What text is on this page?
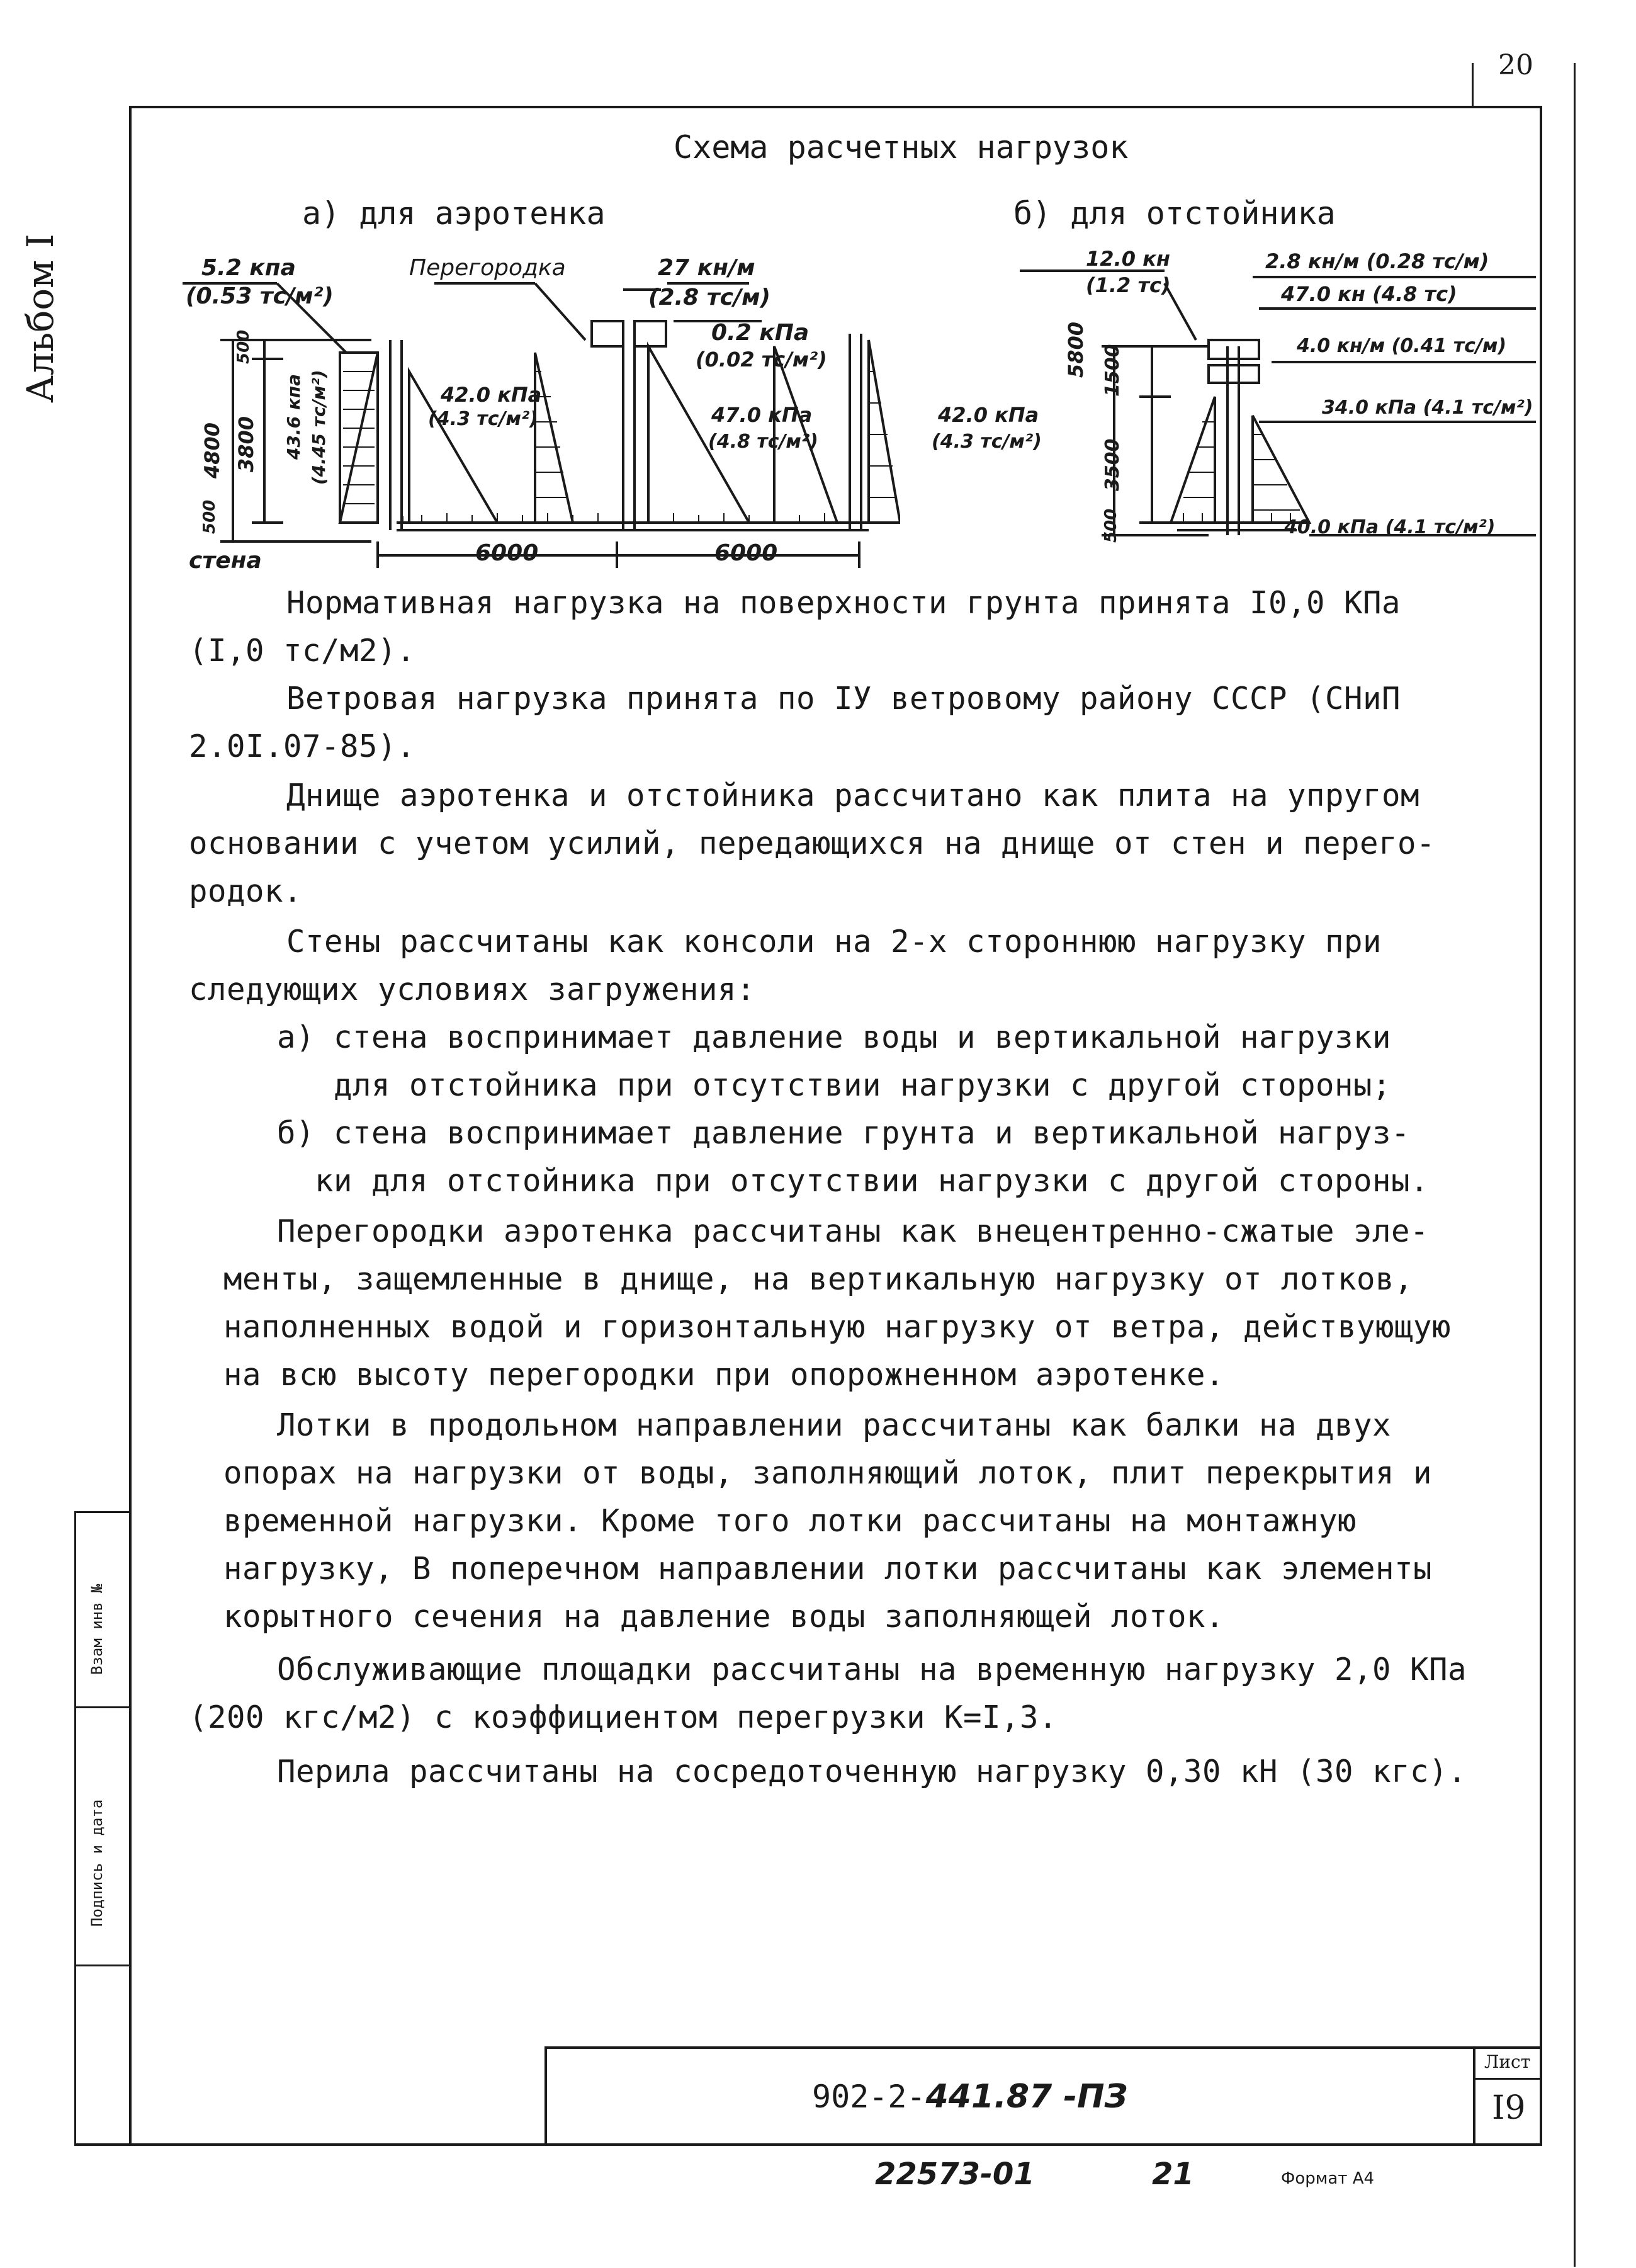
20
Альбом I
Схема расчетных нагрузок
а) для аэротенка	б) для отстойника
5.2 кпа
(0.53 тс/м²)
Перегородка	27 кн/м
(2.8 тс/м)
0.2 кПа
(0.02 тс/м²)
42.0 кПа
(4.3 тс/м²)	47.0 кПа
(4.8 тс/м²)
42.0 кПа
(4.3 тс/м²)
43.6 кпа (4.45 тс/м²)
4800 3800
500
500
стена	6000	6000
12.0 кн
(1.2 тс)
2.8 кн/м (0.28 тс/м)
47.0 кн (4.8 тс)
4.0 кн/м (0.41 тс/м)
34.0 кПа (4.1 тс/м²)
40.0 кПа (4.1 тс/м²)
5800 1500
3500
500
Нормативная нагрузка на поверхности грунта принята I0,0 КПа
(I,0 тс/м2).
Ветровая нагрузка принята по IУ ветровому району СССР (СНиП
2.0I.07-85).
Днище аэротенка и отстойника рассчитано как плита на упругом
основании с учетом усилий, передающихся на днище от стен и перего-
родок.
Стены рассчитаны как консоли на 2-х стороннюю нагрузку при
следующих условиях загружения:
а) стена воспринимает давление воды и вертикальной нагрузки
для отстойника при отсутствии нагрузки с другой стороны;
б) стена воспринимает давление грунта и вертикальной нагруз-
ки для отстойника при отсутствии нагрузки с другой стороны.
Перегородки аэротенка рассчитаны как внецентренно-сжатые эле-
менты, защемленные в днище, на вертикальную нагрузку от лотков,
наполненных водой и горизонтальную нагрузку от ветра, действующую
на всю высоту перегородки при опорожненном аэротенке.
Лотки в продольном направлении рассчитаны как балки на двух
опорах на нагрузки от воды, заполняющий лоток, плит перекрытия и
временной нагрузки. Кроме того лотки рассчитаны на монтажную
нагрузку, В поперечном направлении лотки рассчитаны как элементы
корытного сечения на давление воды заполняющей лоток.
Обслуживающие площадки рассчитаны на временную нагрузку 2,0 КПа
(200 кгс/м2) с коэффициентом перегрузки К=I,3.
Перила рассчитаны на сосредоточенную нагрузку 0,30 кН (30 кгс).
Взам инв №
Подпись и дата
902-2-441.87 -ПЗ
Лист
I9
22573-01	21	Формат А4
